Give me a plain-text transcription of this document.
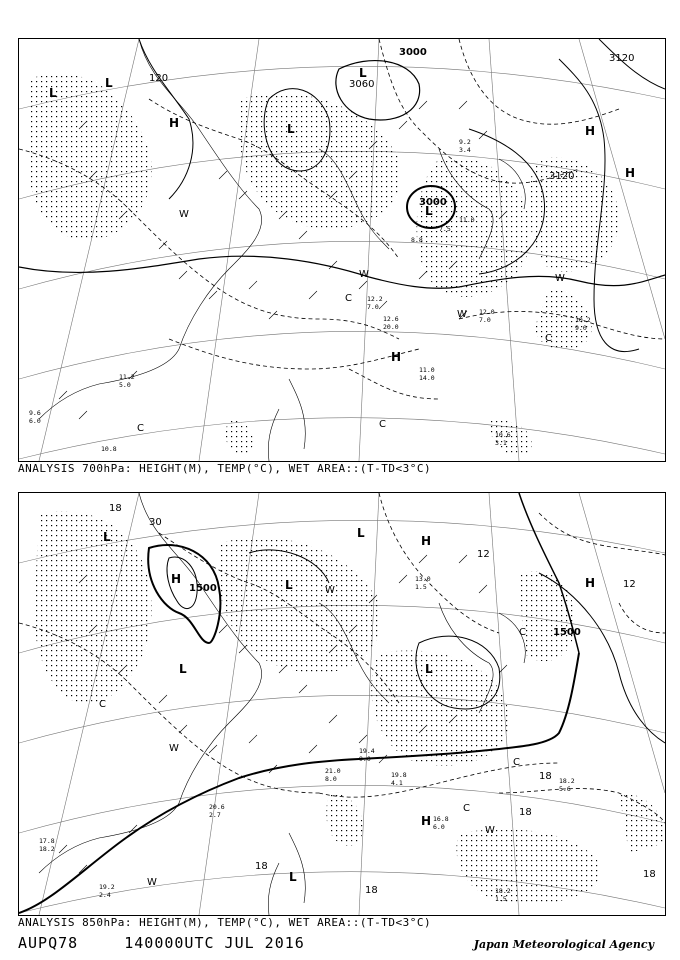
3000
3000
3120
3120
3060
120
L
L
L
L
H
H
H
H
L
W
W
W
W
C
C
C	C
12.0
7.0
12.6
20.0
11.0
14.0
10.2
9.0
12.2
7.0
10.6
3.1
10.8
11.2
5.0
9.6
6.0
8.8
7.5
11.0
9.2
3.4
ANALYSIS 700hPa: HEIGHT(M), TEMP(°C), WET AREA::(T-TD<3°C)
1500
1500
30
L
L
L
L
L
H
H
H
H
L
W
W
W
W
C
C
C
C
18
18
18
18
12
12
18
18
19.4
9.0
19.8
4.1
16.8
6.0
18.2
5.6
18.2
1.5
19.2
2.4
17.8
18.2
20.6
2.7
21.0
8.0
13.0
1.5
ANALYSIS 850hPa: HEIGHT(M), TEMP(°C), WET AREA::(T-TD<3°C)
AUPQ78	140000UTC JUL 2016	Japan Meteorological Agency
